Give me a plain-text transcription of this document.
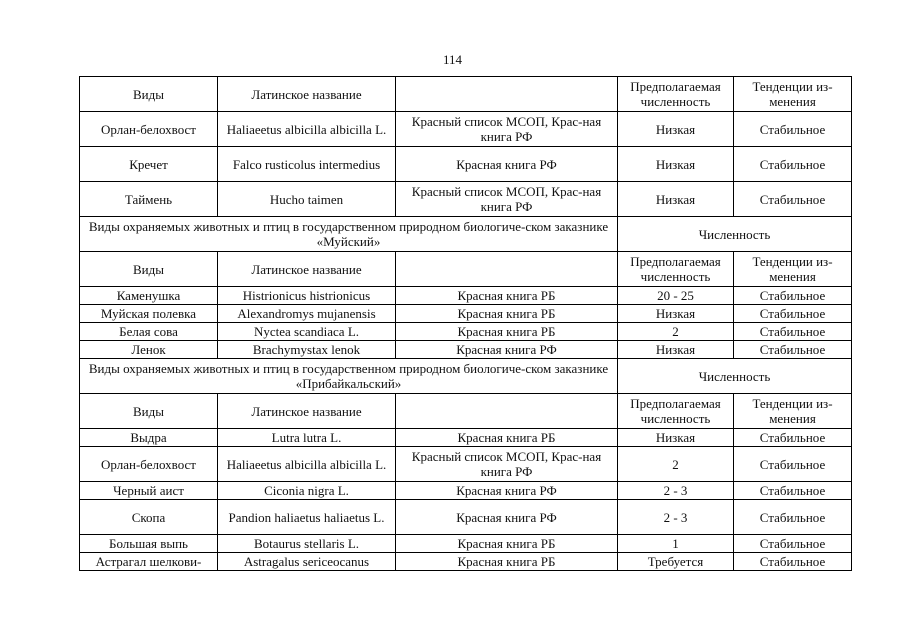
114
Виды	Латинское название		Предполагаемая численность	Тенденции из-менения
Орлан-белохвост	Haliaeetus albicilla albicilla L.	Красный список МСОП, Крас-ная книга РФ	Низкая	Стабильное
Кречет	Falco rusticolus intermedius	Красная книга РФ	Низкая	Стабильное
Таймень	Hucho taimen	Красный список МСОП, Крас-ная книга РФ	Низкая	Стабильное
Виды охраняемых животных и птиц в государственном природном биологиче-ском заказнике «Муйский»			Численность	
Виды	Латинское название		Предполагаемая численность	Тенденции из-менения
Каменушка	Histrionicus histrionicus	Красная книга РБ	20 - 25	Стабильное
Муйская полевка	Alexandromys mujanensis	Красная книга РБ	Низкая	Стабильное
Белая сова	Nyctea scandiaca L.	Красная книга РБ	2	Стабильное
Ленок	Brachymystax lenok	Красная книга РФ	Низкая	Стабильное
Виды охраняемых животных и птиц в государственном природном биологиче-ском заказнике «Прибайкальский»			Численность	
Виды	Латинское название		Предполагаемая численность	Тенденции из-менения
Выдра	Lutra lutra L.	Красная книга РБ	Низкая	Стабильное
Орлан-белохвост	Haliaeetus albicilla albicilla L.	Красный список МСОП, Крас-ная книга РФ	2	Стабильное
Черный аист	Ciconia nigra L.	Красная книга РФ	2 - 3	Стабильное
Скопа	Pandion haliaetus haliaetus L.	Красная книга РФ	2 - 3	Стабильное
Большая выпь	Botaurus stellaris L.	Красная книга РБ	1	Стабильное
Астрагал шелкови-	Astragalus sericeocanus	Красная книга РБ	Требуется	Стабильное
